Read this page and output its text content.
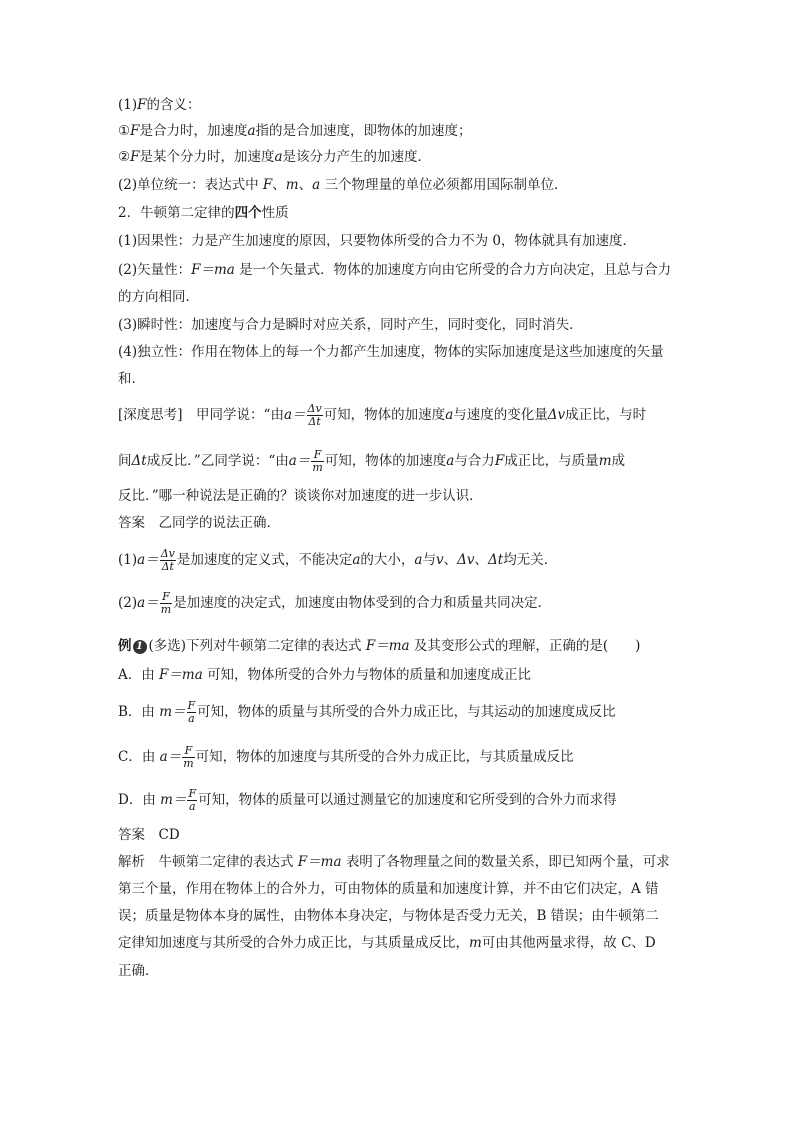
(1)F的含义：
①F是合力时，加速度a指的是合加速度，即物体的加速度；
②F是某个分力时，加速度a是该分力产生的加速度．
(2)单位统一：表达式中 F、m、a 三个物理量的单位必须都用国际制单位．
2．牛顿第二定律的四个性质
(1)因果性：力是产生加速度的原因，只要物体所受的合力不为 0，物体就具有加速度．
(2)矢量性：F＝ma 是一个矢量式．物体的加速度方向由它所受的合力方向决定，且总与合力
的方向相同．
(3)瞬时性：加速度与合力是瞬时对应关系，同时产生，同时变化，同时消失．
(4)独立性：作用在物体上的每一个力都产生加速度，物体的实际加速度是这些加速度的矢量
和．
[深度思考]　 甲同学说：“由$a= \frac{\Delta v}{\Delta t}$ 可知，物体的加速度a与速度的变化量Δv成正比，与时
间Δt成反比．”乙同学说：“由$a= \frac{F}{m}$ 可知，物体的加速度a与合力F成正比，与质量m成
反比．”哪一种说法是正确的？谈谈你对加速度的进一步认识．
答案　 乙同学的说法正确．
$(1)a= \frac{\Delta v}{\Delta t}$ 是加速度的定义式，不能决定a的大小，a与v、Δv、Δt均无关．
$(2)a= \frac{F}{m}$ 是加速度的决定式，加速度由物体受到的合力和质量共同决定．
例 1 (多选)下列对牛顿第二定律的表达式 F＝ma 及其变形公式的理解，正确的是(　　)
A．由 F＝ma 可知，物体所受的合外力与物体的质量和加速度成正比
B．由 $m= \frac{F}{a}$ 可知，物体的质量与其所受的合外力成正比，与其运动的加速度成反比
C．由 $a= \frac{F}{m}$ 可知，物体的加速度与其所受的合外力成正比，与其质量成反比
D．由 $m= \frac{F}{a}$ 可知，物体的质量可以通过测量它的加速度和它所受到的合外力而求得
答案　 CD
解析　 牛顿第二定律的表达式 F＝ma 表明了各物理量之间的数量关系，即已知两个量，可求
第三个量，作用在物体上的合外力，可由物体的质量和加速度计算，并不由它们决定，A 错
误；质量是物体本身的属性，由物体本身决定，与物体是否受力无关，B 错误；由牛顿第二
定律知加速度与其所受的合外力成正比，与其质量成反比，m可由其他两量求得，故 C、D
正确．
